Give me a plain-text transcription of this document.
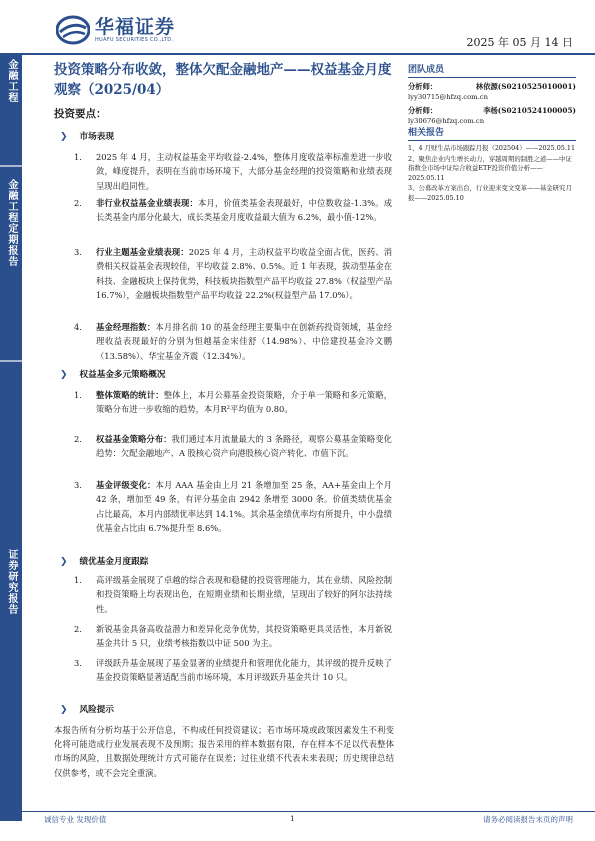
华福证券
HUAFU SECURITIES CO.,LTD.	2025 年 05 月 14 日
金融工程
金融工程定期报告
证券研究报告
投资策略分布收敛，整体欠配金融地产——权益基金月度观察（2025/04）
投资要点：
❯ 市场表现
1.	2025 年 4 月，主动权益基金平均收益-2.4%，整体月度收益率标准差进一步收敛，峰度提升，表明在当前市场环境下，大部分基金经理的投资策略和业绩表现呈现出趋同性。
2.	非行业权益基金业绩表现：本月，价值类基金表现最好，中位数收益-1.3%。成长类基金内部分化最大，成长类基金月度收益最大值为 6.2%，最小值-12%。
3.	行业主题基金业绩表现：2025 年 4 月，主动权益平均收益全面占优，医药、消费相关权益基金表现较佳，平均收益 2.8%、0.5%。近 1 年表现，拔动型基金在科技、金融板块上保持优势，科技板块指数型产品平均收益 27.8%（权益型产品 16.7%），金融板块指数型产品平均收益 22.2%(权益型产品 17.0%）。
4.	基金经理指数：本月排名前 10 的基金经理主要集中在创新药投资领域，基金经理收益表现最好的分别为恒越基金宋佳舒（14.98%）、中信建投基金冷文鹏（13.58%）、华宝基金齐震（12.34%）。
❯ 权益基金多元策略概况
1.	整体策略的统计：整体上，本月公募基金投资策略，介于单一策略和多元策略，策略分布进一步收缩的趋势，本月R²平均值为 0.80。
2.	权益基金策略分布：我们通过本月流量最大的 3 条路径，观察公募基金策略变化趋势：欠配金融地产、A 股核心资产向港股核心资产转化、市值下沉。
3.	基金评级变化：本月 AAA 基金由上月 21 条增加至 25 条，AA+基金由上个月 42 条，增加至 49 条，有评分基金由 2942 条增至 3000 条。价值类绩优基金占比最高，本月内部绩优率达到 14.1%。其余基金绩优率均有所提升，中小盘绩优基金占比由 6.7%提升至 8.6%。
❯ 绩优基金月度跟踪
1.	高评级基金展现了卓越的综合表现和稳健的投资管理能力，其在业绩、风险控制和投资策略上均表现出色，在短期业绩和长期业绩，呈现出了较好的阿尔法持续性。
2.	新锐基金具备高收益潜力和差异化竞争优势，其投资策略更具灵活性，本月新锐基金共计 5 只，业绩考核指数以中证 500 为主。
3.	评级跃升基金展现了基金显著的业绩提升和管理优化能力，其评级的提升反映了基金投资策略显著适配当前市场环境，本月评级跃升基金共计 10 只。
❯ 风险提示
本报告所有分析均基于公开信息，不构成任何投资建议；若市场环境或政策因素发生不利变化将可能造成行业发展表现不及预期；报告采用的样本数据有限，存在样本不足以代表整体市场的风险，且数据处理统计方式可能存在误差；过往业绩不代表未来表现；历史规律总结仅供参考，或不会完全重演。
团队成员
分析师：	林依源(S0210525010001)
lyy30715@hfzq.com.cn
分析师：	李杨(S0210524100005)
ly30676@hfzq.com.cn
相关报告
1、4 月财生品市场跟踪月报（202504）——2025.05.11
2、聚焦企业内生增长动力，穿越周期的制胜之道——中证指数全市场中证综合收益ETF投资价值分析——2025.05.11
3、公募改革方案出台，行业迎来变文变革——基金研究月报——2025.05.10
诚信专业 发现价值	1	请务必阅读报告末页的声明
